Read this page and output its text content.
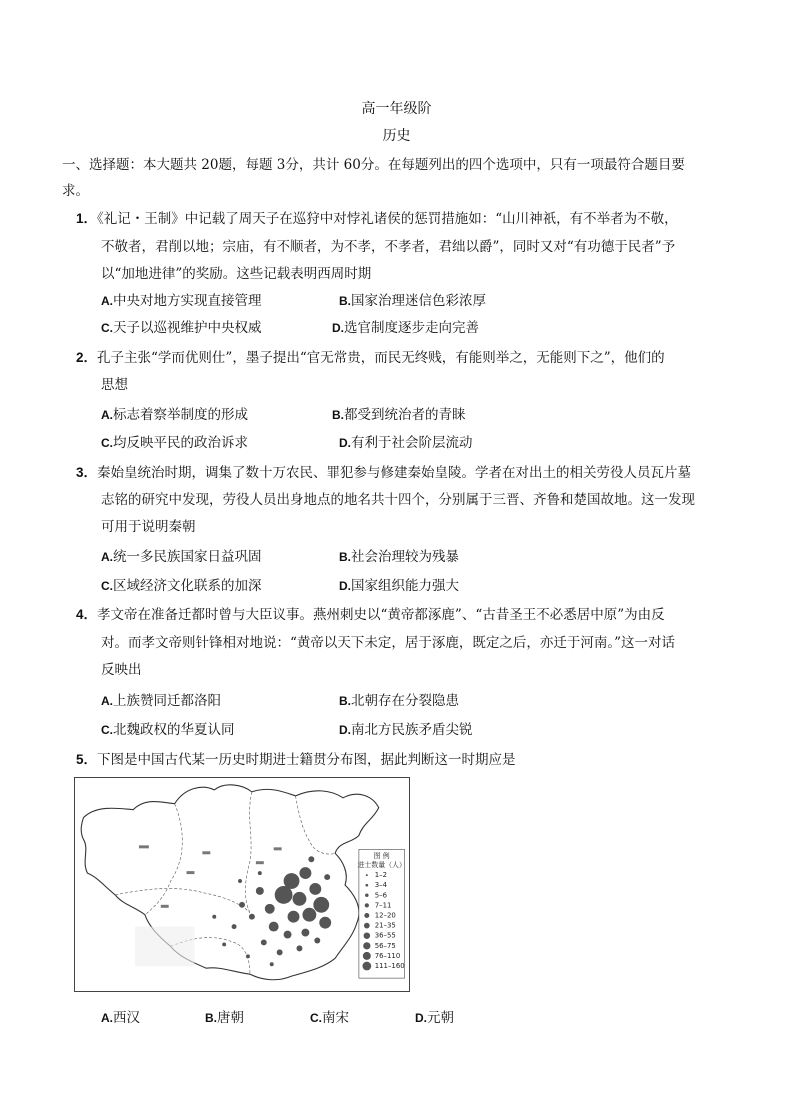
高一年级阶
历史
一、选择题：本大题共 20题，每题 3分，共计 60分。在每题列出的四个选项中，只有一项最符合题目要
求。
1．《礼记・王制》中记载了周天子在巡狩中对悖礼诸侯的惩罚措施如：“山川神祇，有不举者为不敬，
不敬者，君削以地；宗庙，有不顺者，为不孝，不孝者，君绌以爵”，同时又对“有功德于民者”予
以“加地进律”的奖励。这些记载表明西周时期
A.中央对地方实现直接管理	B.国家治理迷信色彩浓厚
C.天子以巡视维护中央权威	D.选官制度逐步走向完善
2．孔子主张“学而优则仕”，墨子提出“官无常贵，而民无终贱，有能则举之，无能则下之”，他们的
思想
A.标志着察举制度的形成	B.都受到统治者的青睐
C.均反映平民的政治诉求	D.有利于社会阶层流动
3．秦始皇统治时期，调集了数十万农民、罪犯参与修建秦始皇陵。学者在对出土的相关劳役人员瓦片墓
志铭的研究中发现，劳役人员出身地点的地名共十四个，分别属于三晋、齐鲁和楚国故地。这一发现
可用于说明秦朝
A.统一多民族国家日益巩固	B.社会治理较为残暴
C.区域经济文化联系的加深	D.国家组织能力强大
4．孝文帝在准备迁都时曾与大臣议事。燕州刺史以“黄帝都涿鹿”、“古昔圣王不必悉居中原”为由反
对。而孝文帝则针锋相对地说：“黄帝以天下未定，居于涿鹿，既定之后，亦迁于河南。”这一对话
反映出
A.上族赞同迁都洛阳	B.北朝存在分裂隐患
C.北魏政权的华夏认同	D.南北方民族矛盾尖锐
5．下图是中国古代某一历史时期进士籍贯分布图，据此判断这一时期应是
图 例
进士数量（人）
1–2
3–4
5–6
7–11
12–20
21–35
36–55
56–75
76–110
111–160
A.西汉	B.唐朝	C.南宋	D.元朝
